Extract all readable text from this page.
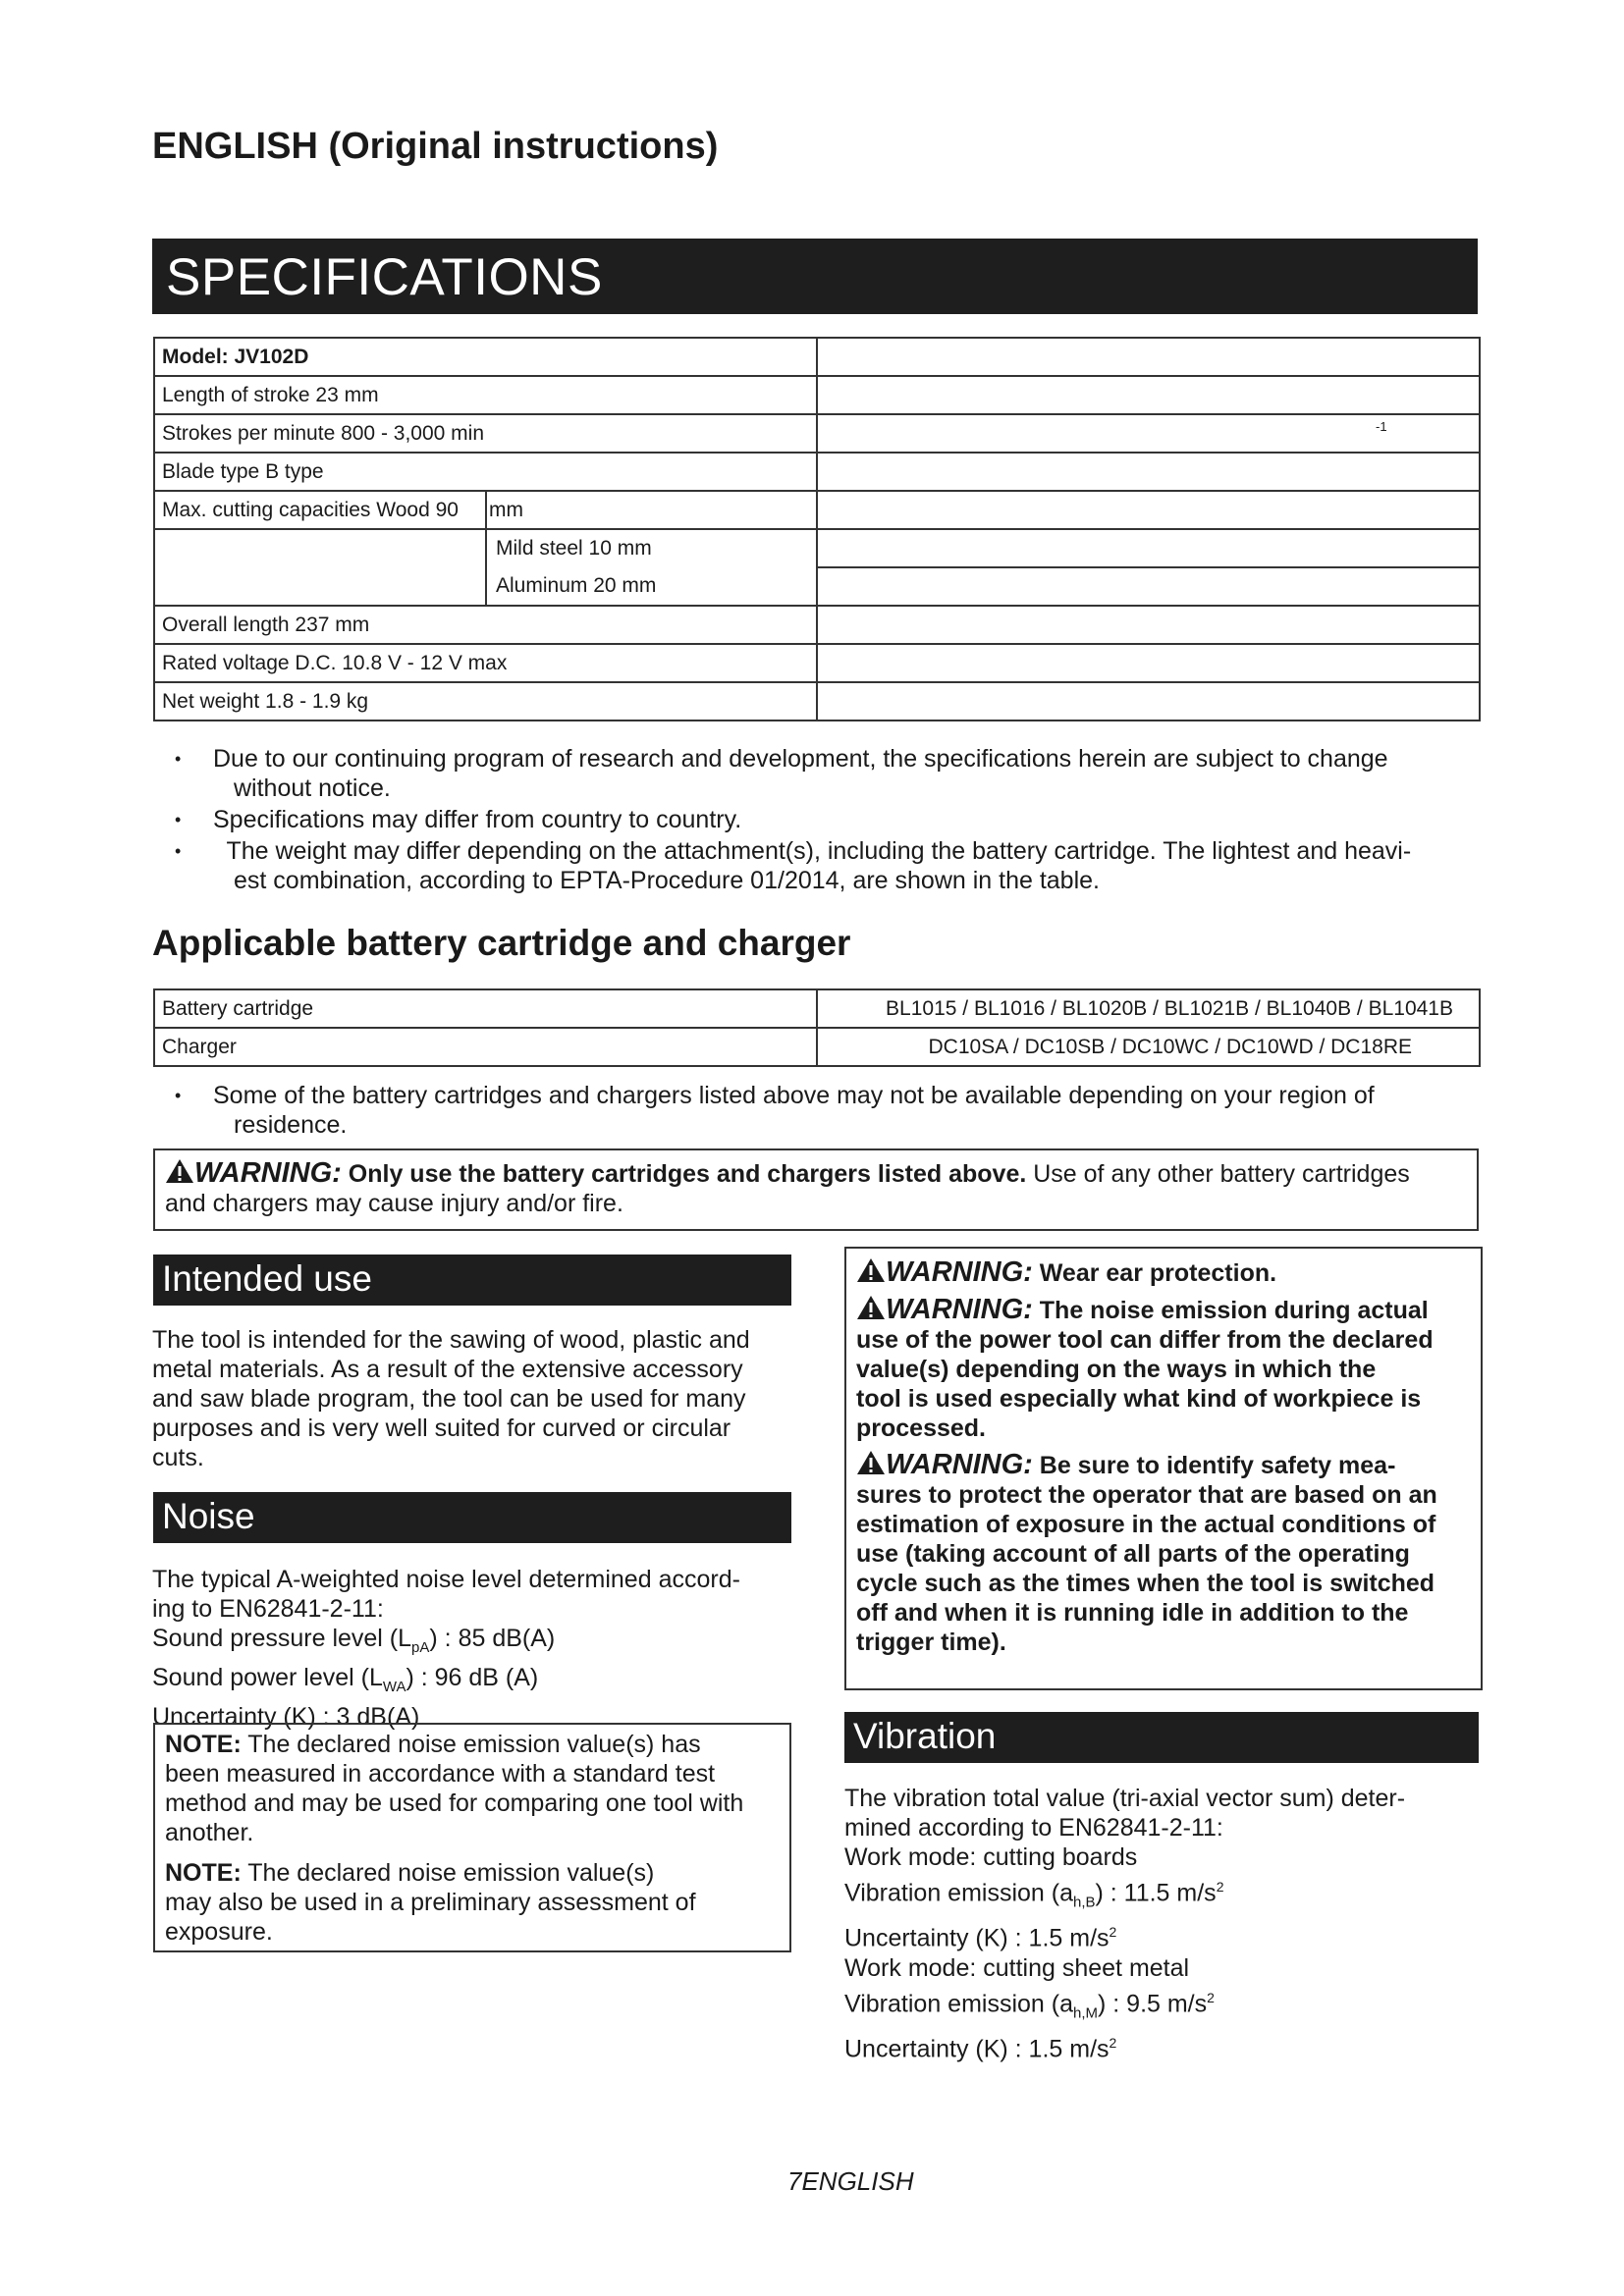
ENGLISH (Original instructions)
SPECIFICATIONS
Model: JV102D	
Length of stroke 23 mm	
Strokes per minute 800 - 3,000 min	-1

Blade type B type	
Max. cutting capacities Wood 90 mm	

Mild steel 10 mm	

Aluminum 20 mm	

Overall length 237 mm	
Rated voltage D.C. 10.8 V - 12 V max	
Net weight 1.8 - 1.9 kg	
• Due to our continuing program of research and development, the specifications herein are subject to change
without notice.
• Specifications may differ from country to country.
•   The weight may differ depending on the attachment(s), including the battery cartridge. The lightest and heavi-
est combination, according to EPTA-Procedure 01/2014, are shown in the table.
Applicable battery cartridge and charger
Battery cartridge	BL1015 / BL1016 / BL1020B / BL1021B / BL1040B / BL1041B
Charger	DC10SA / DC10SB / DC10WC / DC10WD / DC18RE
• Some of the battery cartridges and chargers listed above may not be available depending on your region of
residence.
WARNING: Only use the battery cartridges and chargers listed above. Use of any other battery cartridges
and chargers may cause injury and/or fire.
Intended use
The tool is intended for the sawing of wood, plastic and
metal materials. As a result of the extensive accessory
and saw blade program, the tool can be used for many
purposes and is very well suited for curved or circular
cuts.
Noise
The typical A-weighted noise level determined accord-
ing to EN62841-2-11:
Sound pressure level $(L_{pA})$ : 85 dB(A)
Sound power level $(L_{WA})$ : 96 dB (A)
Uncertainty (K) : 3 dB(A)

NOTE: The declared noise emission value(s) has
been measured in accordance with a standard test
method and may be used for comparing one tool with
another.

NOTE: The declared noise emission value(s)
may also be used in a preliminary assessment of
exposure.

WARNING: Wear ear protection.
WARNING: The noise emission during actual
use of the power tool can differ from the declared
value(s) depending on the ways in which the
tool is used especially what kind of workpiece is
processed.
WARNING: Be sure to identify safety mea-
sures to protect the operator that are based on an
estimation of exposure in the actual conditions of
use (taking account of all parts of the operating
cycle such as the times when the tool is switched
off and when it is running idle in addition to the
trigger time).
Vibration
The vibration total value (tri-axial vector sum) deter-
mined according to EN62841-2-11:
Work mode: cutting boards
Vibration emission $(a_{h,B})$ : 11.5 $m/s^2$
Uncertainty (K) : 1.5 $m/s^2$
Work mode: cutting sheet metal
Vibration emission $(a_{h,M})$ : 9.5 $m/s^2$
Uncertainty (K) : 1.5 $m/s^2$
7ENGLISH
